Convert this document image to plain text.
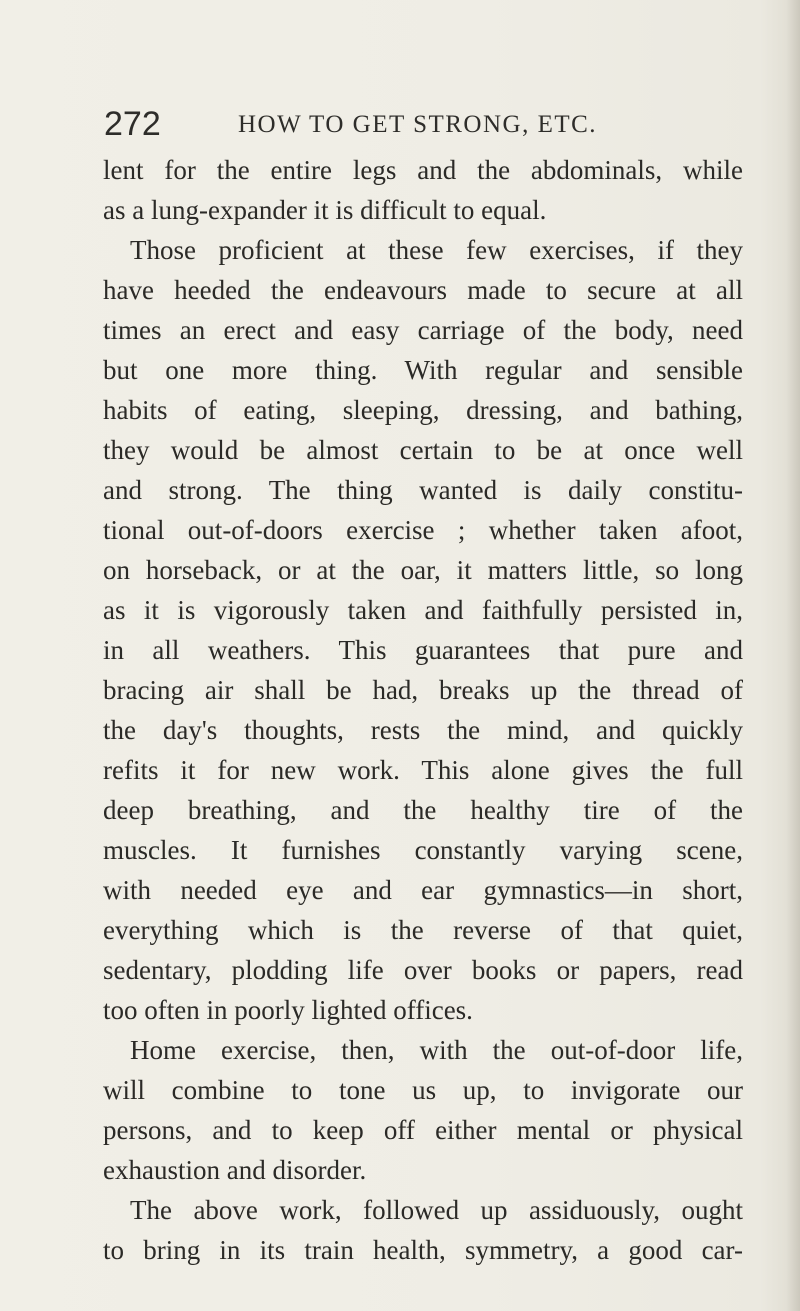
272	HOW TO GET STRONG, ETC.
lent for the entire legs and the abdominals, while
as a lung-expander it is difficult to equal.
Those proficient at these few exercises, if they
have heeded the endeavours made to secure at all
times an erect and easy carriage of the body, need
but one more thing. With regular and sensible
habits of eating, sleeping, dressing, and bathing,
they would be almost certain to be at once well
and strong. The thing wanted is daily constitu-
tional out-of-doors exercise ; whether taken afoot,
on horseback, or at the oar, it matters little, so long
as it is vigorously taken and faithfully persisted in,
in all weathers. This guarantees that pure and
bracing air shall be had, breaks up the thread of
the day's thoughts, rests the mind, and quickly
refits it for new work. This alone gives the full
deep breathing, and the healthy tire of the
muscles. It furnishes constantly varying scene,
with needed eye and ear gymnastics—in short,
everything which is the reverse of that quiet,
sedentary, plodding life over books or papers, read
too often in poorly lighted offices.
Home exercise, then, with the out-of-door life,
will combine to tone us up, to invigorate our
persons, and to keep off either mental or physical
exhaustion and disorder.
The above work, followed up assiduously, ought
to bring in its train health, symmetry, a good car-
